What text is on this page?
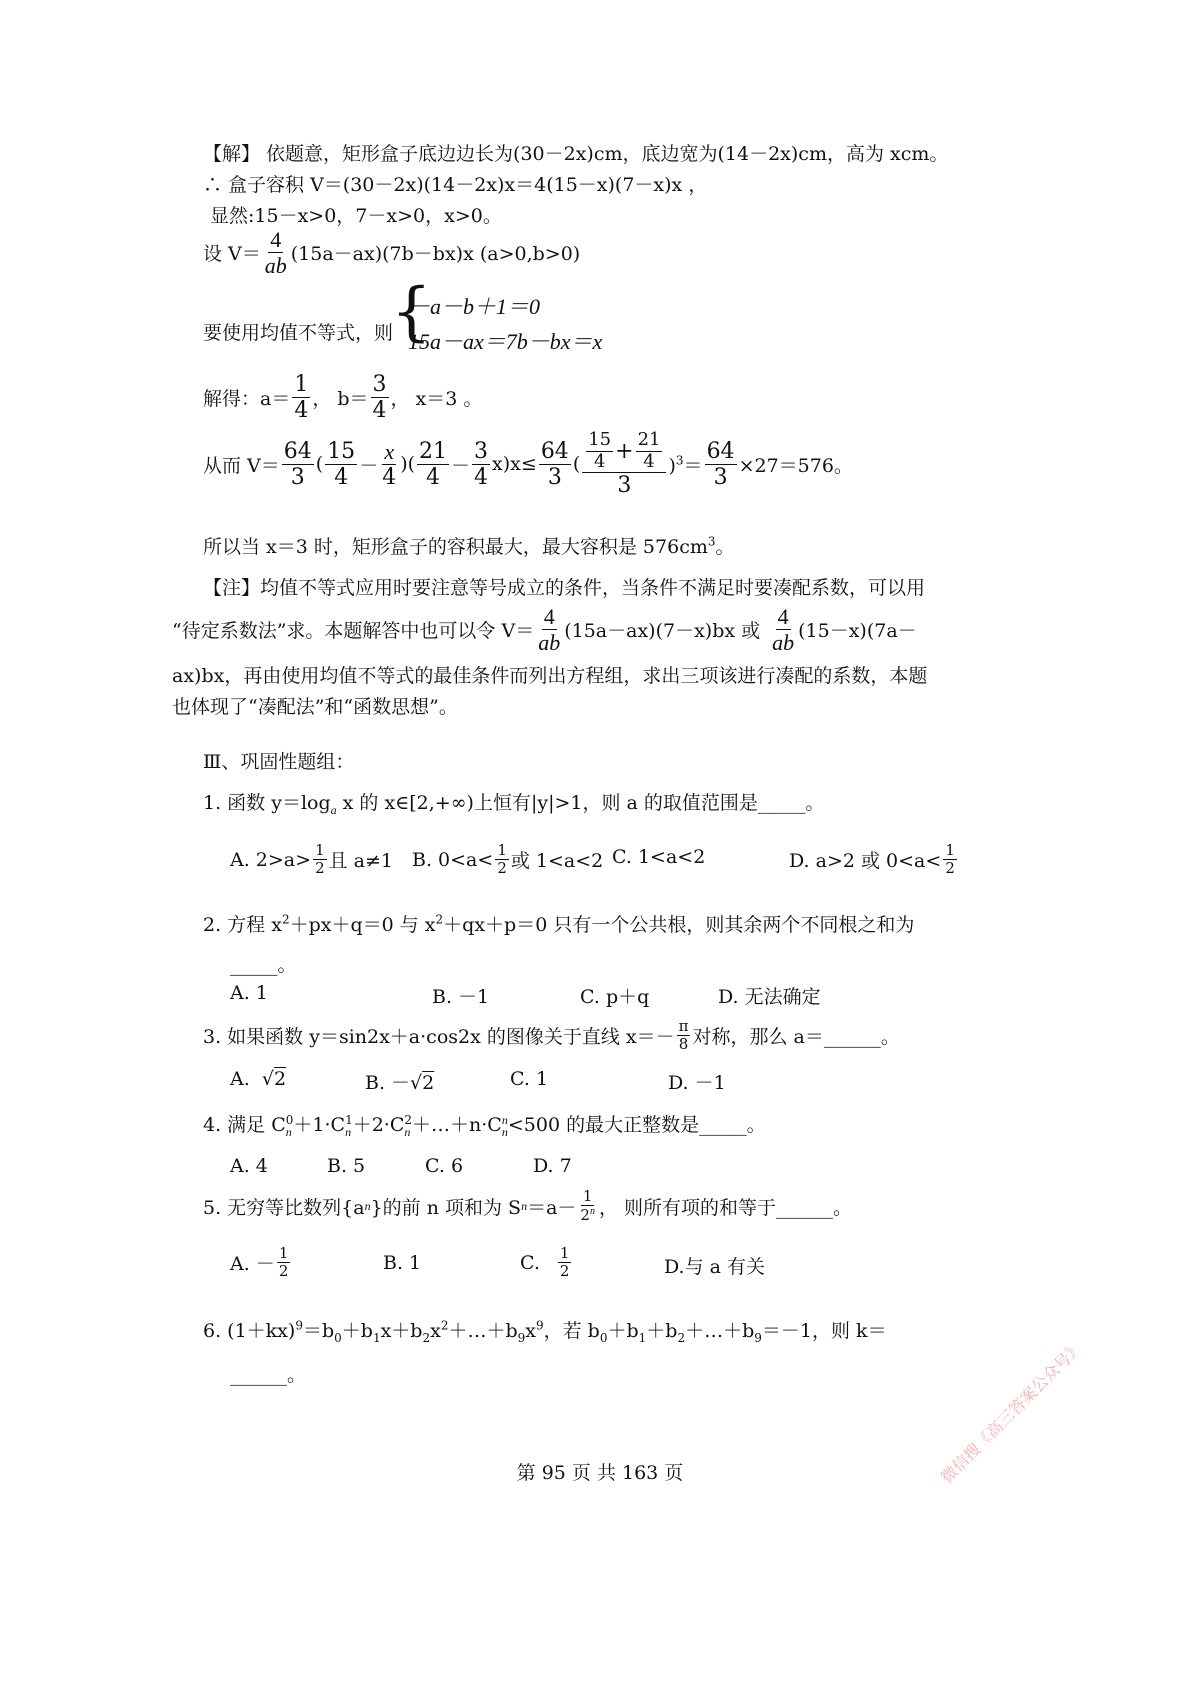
【解】 依题意，矩形盒子底边边长为(30－2x)cm，底边宽为(14－2x)cm，高为 xcm。
∴ 盒子容积 V＝(30－2x)(14－2x)x＝4(15－x)(7－x)x ，
显然:15－x>0，7－x>0，x>0。
设 $V= \frac{4}{ab} (15a-ax)(7b-bx)x$ (a>0,b>0)
要使用均值不等式，则
{
－a－b＋1＝0
15a－ax＝7b－bx＝x
解得：$a= \frac{1}{4}$ ， $b= \frac{3}{4}$ ， x＝3 。
从而 $V= \frac{64}{3}$ ( $\frac{15}{4} - \frac{x}{4}$ )( $\frac{21}{4} - \frac{3}{4} x)x\le \frac{64}{3}$ ( $\frac{\frac{15}{4} + \frac{21}{4}}{3} )^3= \frac{64}{3} \times 27=576$。
所以当 x＝3 时，矩形盒子的容积最大，最大容积是 $576cm^3$。
【注】均值不等式应用时要注意等号成立的条件，当条件不满足时要凑配系数，可以用
“待定系数法”求。本题解答中也可以令 $V= \frac{4}{ab} (15a-ax)(7-x)bx$ 或 $\frac{4}{ab} (15-x)(7a-$
ax)bx，再由使用均值不等式的最佳条件而列出方程组，求出三项该进行凑配的系数，本题
也体现了“凑配法”和“函数思想”。
Ⅲ、巩固性题组：
1. 函数 $y=\log_a$ x 的 x∈[2,+∞)上恒有|y|>1，则 a 的取值范围是_____。
A. $2>a> \frac{1}{2}$ 且 a≠1 B. $0<a< \frac{1}{2}$ 或 1<a<2 C. 1<a<2	D. a>2 或 $0<a< \frac{1}{2}$
2. 方程 $x^2+px+q=0$ 与 $x^2+qx+p=0$ 只有一个公共根，则其余两个不同根之和为
_____。
A. 1	B. －1	C. p＋q	D. 无法确定
3. 如果函数 y＝sin2x＋a·cos2x 的图像关于直线 $x=- \frac{\pi}{8}$ 对称，那么 a＝______。
A.  √2	B. －√2	C. 1	D. －1
4. 满足 C 0
n ＋1·C 1
n ＋2·C 2
n ＋…＋n·C n
n <500 的最大正整数是_____。
A. 4	B. 5	C. 6	D. 7
5. 无穷等比数列{a n }的前 n 项和为 S $n =a- \frac{1}{2^n}$ ， 则所有项的和等于______。
A. － $\frac{1}{2}$	B. 1	C. $\frac{1}{2}$	D.与 a 有关
6. $(1+kx)^9=b_0+b_1x+b_2x^2+\dots+b_9x^9$，若 $b_0+b_1+b_2+\dots+b_9=-1$，则 k＝
______。
第 95 页 共 163 页	微信搜《高三答案公众号》
